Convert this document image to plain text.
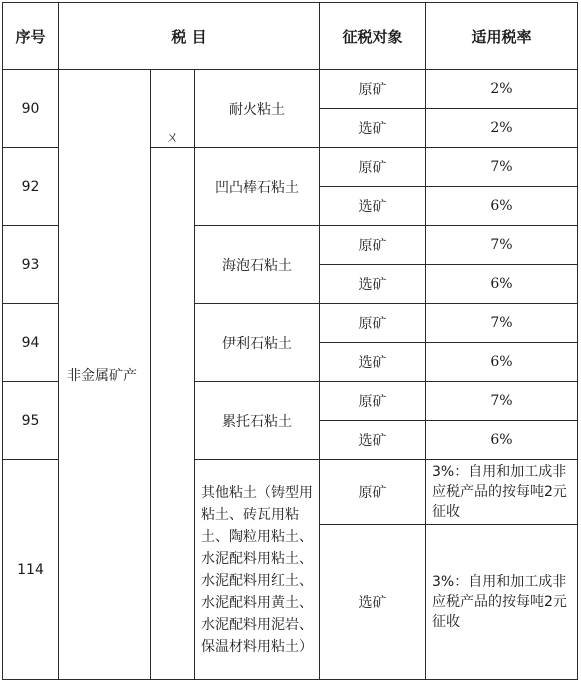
序号	税 目			征税对象	适用税率
90	非金属矿产	ㄨ	耐火粘土	原矿	2%
				选矿	2%
92			凹凸棒石粘土	原矿	7%
				选矿	6%
93			海泡石粘土	原矿	7%
				选矿	6%
94			伊利石粘土	原矿	7%
				选矿	6%
95			累托石粘土	原矿	7%
				选矿	6%
114			其他粘土（铸型用粘土、砖瓦用粘土、陶粒用粘土、水泥配料用粘土、水泥配料用红土、水泥配料用黄土、水泥配料用泥岩、保温材料用粘土）	原矿	3%：自用和加工成非应税产品的按每吨2元征收
				选矿	3%：自用和加工成非应税产品的按每吨2元征收
